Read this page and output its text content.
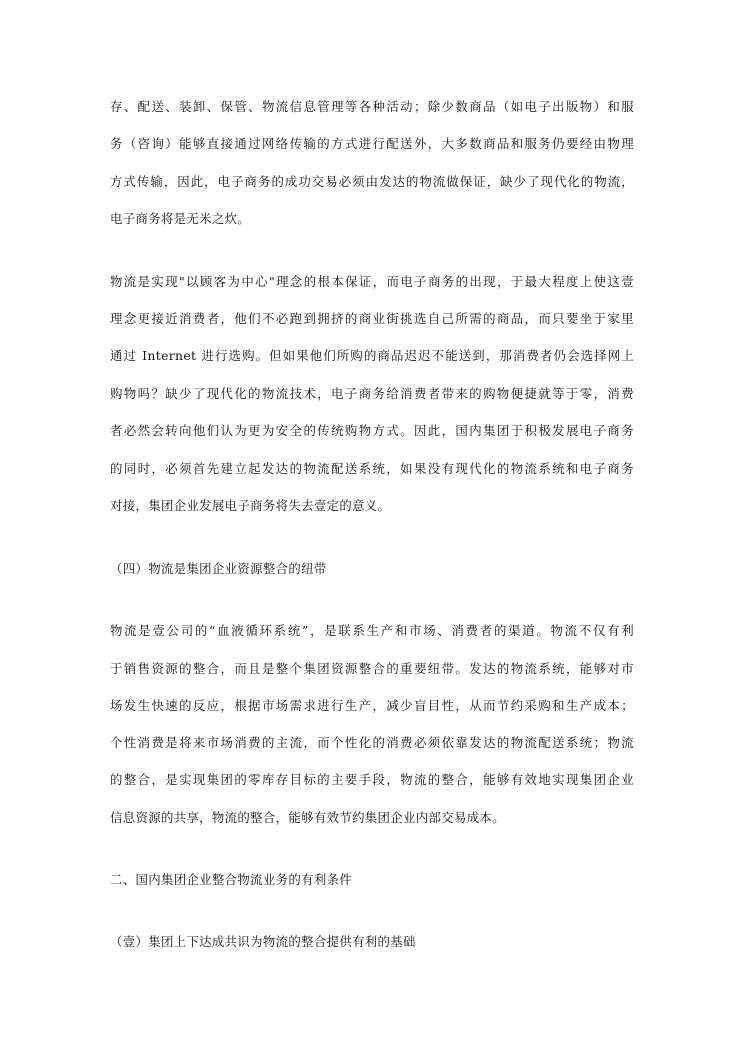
存、配送、装卸、保管、物流信息管理等各种活动；除少数商品（如电子出版物）和服
务（咨询）能够直接通过网络传输的方式进行配送外，大多数商品和服务仍要经由物理
方式传输，因此，电子商务的成功交易必须由发达的物流做保证，缺少了现代化的物流，
电子商务将是无米之炊。
物流是实现"以顾客为中心"理念的根本保证，而电子商务的出现，于最大程度上使这壹
理念更接近消费者，他们不必跑到拥挤的商业街挑选自己所需的商品，而只要坐于家里
通过 Internet 进行选购。但如果他们所购的商品迟迟不能送到，那消费者仍会选择网上
购物吗？缺少了现代化的物流技术，电子商务给消费者带来的购物便捷就等于零，消费
者必然会转向他们认为更为安全的传统购物方式。因此，国内集团于积极发展电子商务
的同时，必须首先建立起发达的物流配送系统，如果没有现代化的物流系统和电子商务
对接，集团企业发展电子商务将失去壹定的意义。
（四）物流是集团企业资源整合的纽带
物流是壹公司的“血液循环系统”，是联系生产和市场、消费者的渠道。物流不仅有利
于销售资源的整合，而且是整个集团资源整合的重要纽带。发达的物流系统，能够对市
场发生快速的反应，根据市场需求进行生产，减少盲目性，从而节约采购和生产成本；
个性消费是将来市场消费的主流，而个性化的消费必须依靠发达的物流配送系统；物流
的整合，是实现集团的零库存目标的主要手段，物流的整合，能够有效地实现集团企业
信息资源的共享，物流的整合，能够有效节约集团企业内部交易成本。
二、国内集团企业整合物流业务的有利条件
（壹）集团上下达成共识为物流的整合提供有利的基础
